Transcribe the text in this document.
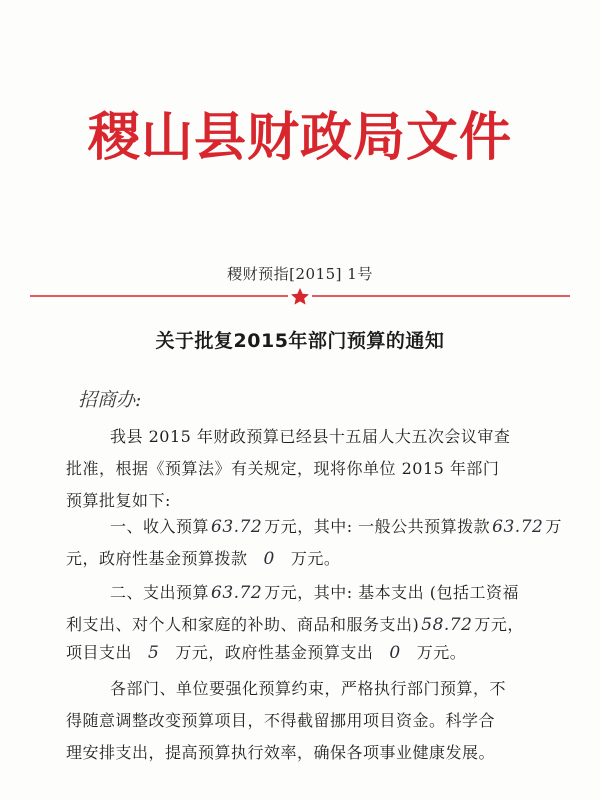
稷山县财政局文件
稷财预指[2015] 1号
关于批复2015年部门预算的通知
招商办:
我县 2015 年财政预算已经县十五届人大五次会议审查
批准，根据《预算法》有关规定，现将你单位 2015 年部门
预算批复如下:
一、收入预算 63.72 万元，其中: 一般公共预算拨款 63.72 万
元，政府性基金预算拨款 0 万元。
二、支出预算 63.72 万元，其中: 基本支出 (包括工资福
利支出、对个人和家庭的补助、商品和服务支出) 58.72 万元，
项目支出 5 万元，政府性基金预算支出 0 万元。
各部门、单位要强化预算约束，严格执行部门预算，不
得随意调整改变预算项目，不得截留挪用项目资金。科学合
理安排支出，提高预算执行效率，确保各项事业健康发展。
